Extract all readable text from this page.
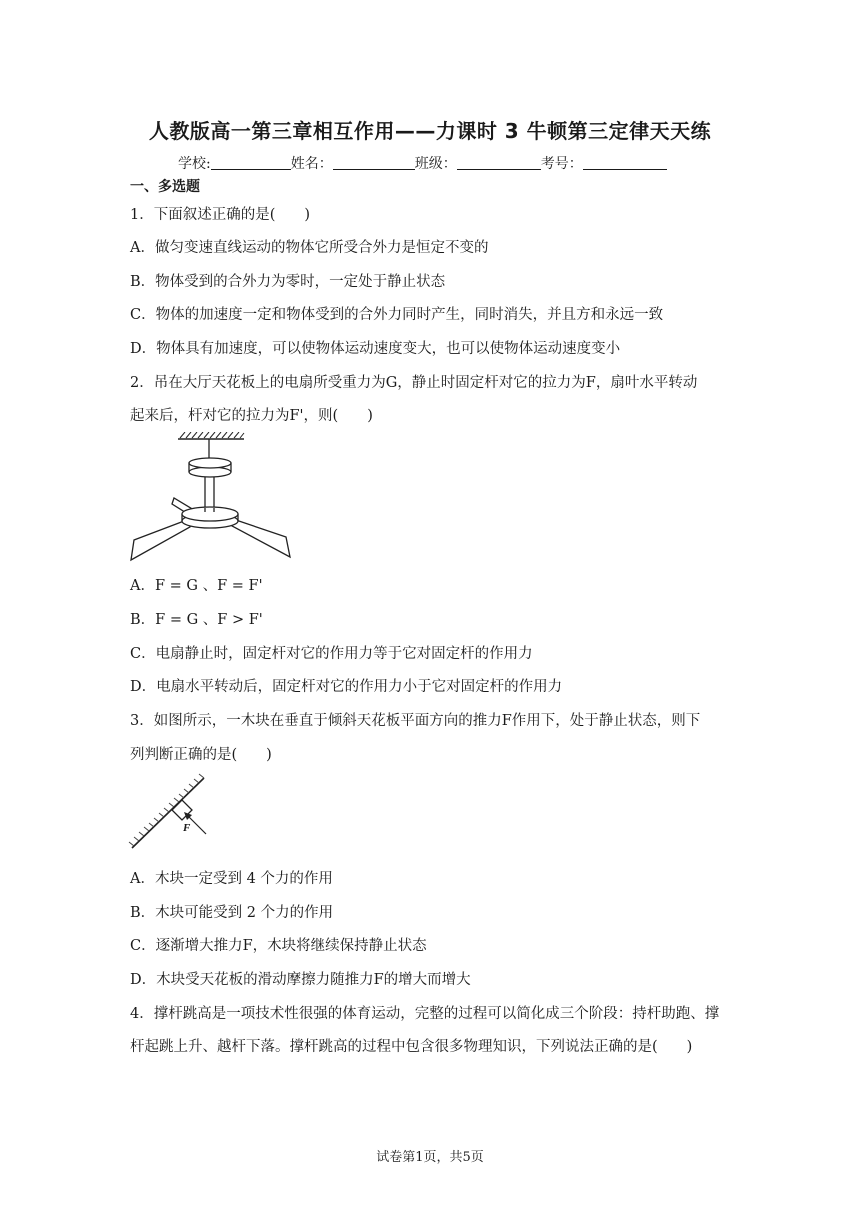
人教版高一第三章相互作用——力课时 3 牛顿第三定律天天练
学校:	姓名：	班级：	考号：
一、多选题
1．下面叙述正确的是(　　)
A．做匀变速直线运动的物体它所受合外力是恒定不变的
B．物体受到的合外力为零时，一定处于静止状态
C．物体的加速度一定和物体受到的合外力同时产生，同时消失，并且方和永远一致
D．物体具有加速度，可以使物体运动速度变大，也可以使物体运动速度变小
2．吊在大厅天花板上的电扇所受重力为G，静止时固定杆对它的拉力为F，扇叶水平转动
起来后，杆对它的拉力为F'，则(　　)
A．F = G 、F = F'
B．F = G 、F > F'
C．电扇静止时，固定杆对它的作用力等于它对固定杆的作用力
D．电扇水平转动后，固定杆对它的作用力小于它对固定杆的作用力
3．如图所示，一木块在垂直于倾斜天花板平面方向的推力F作用下，处于静止状态，则下
列判断正确的是(　　)
F
A．木块一定受到 4 个力的作用
B．木块可能受到 2 个力的作用
C．逐渐增大推力F，木块将继续保持静止状态
D．木块受天花板的滑动摩擦力随推力F的增大而增大
4．撑杆跳高是一项技术性很强的体育运动，完整的过程可以简化成三个阶段：持杆助跑、撑
杆起跳上升、越杆下落。撑杆跳高的过程中包含很多物理知识，下列说法正确的是(　　)
试卷第1页，共5页
